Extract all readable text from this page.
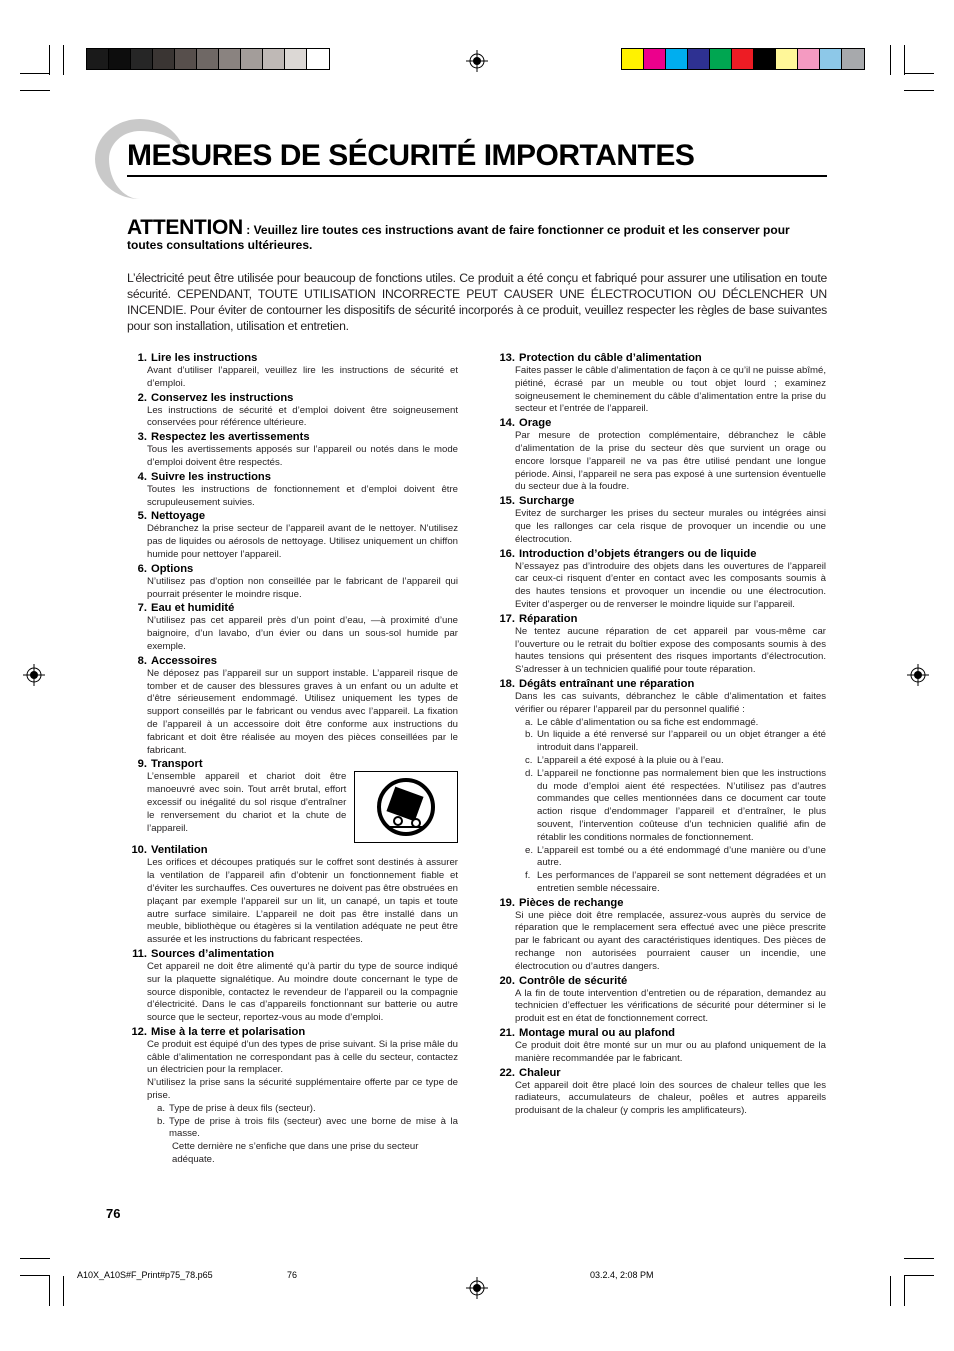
MESURES DE SÉCURITÉ IMPORTANTES
ATTENTION : Veuillez lire toutes ces instructions avant de faire fonctionner ce produit et les conserver pour toutes consultations ultérieures.
L’électricité peut être utilisée pour beaucoup de fonctions utiles. Ce produit a été conçu et fabriqué pour assurer une utilisation en toute sécurité. CEPENDANT, TOUTE UTILISATION INCORRECTE PEUT CAUSER UNE ÉLECTROCUTION OU DÉCLENCHER UN INCENDIE. Pour éviter de contourner les dispositifs de sécurité incorporés à ce produit, veuillez respecter les règles de base suivantes pour son installation, utilisation et entretien.
1. Lire les instructions
Avant d’utiliser l’appareil, veuillez lire les instructions de sécurité et d’emploi.
2. Conservez les instructions
Les instructions de sécurité et d’emploi doivent être soigneusement conservées pour référence ultérieure.
3. Respectez les avertissements
Tous les avertissements apposés sur l’appareil ou notés dans le mode d’emploi doivent être respectés.
4. Suivre les instructions
Toutes les instructions de fonctionnement et d’emploi doivent être scrupuleusement suivies.
5. Nettoyage
Débranchez la prise secteur de l’appareil avant de le nettoyer. N’utilisez pas de liquides ou aérosols de nettoyage. Utilisez uniquement un chiffon humide pour nettoyer l’appareil.
6. Options
N’utilisez pas d’option non conseillée par le fabricant de l’appareil qui pourrait présenter le moindre risque.
7. Eau et humidité
N’utilisez pas cet appareil près d’un point d’eau, —à proximité d’une baignoire, d’un lavabo, d’un évier ou dans un sous-sol humide par exemple.
8. Accessoires
Ne déposez pas l’appareil sur un support instable. L’appareil risque de tomber et de causer des blessures graves à un enfant ou un adulte et d’être sérieusement endommagé. Utilisez uniquement les types de support conseillés par le fabricant ou vendus avec l’appareil. La fixation de l’appareil à un accessoire doit être conforme aux instructions du fabricant et doit être réalisée au moyen des pièces conseillées par le fabricant.
9. Transport
L’ensemble appareil et chariot doit être manoeuvré avec soin. Tout arrêt brutal, effort excessif ou inégalité du sol risque d’entraîner le renversement du chariot et la chute de l’appareil.
10. Ventilation
Les orifices et découpes pratiqués sur le coffret sont destinés à assurer la ventilation de l’appareil afin d’obtenir un fonctionnement fiable et d’éviter les surchauffes. Ces ouvertures ne doivent pas être obstruées en plaçant par exemple l’appareil sur un lit, un canapé, un tapis et toute autre surface similaire. L’appareil ne doit pas être installé dans un meuble, bibliothèque ou étagères si la ventilation adéquate ne peut être assurée et les instructions du fabricant respectées.
11. Sources d’alimentation
Cet appareil ne doit être alimenté qu’à partir du type de source indiqué sur la plaquette signalétique. Au moindre doute concernant le type de source disponible, contactez le revendeur de l’appareil ou la compagnie d’électricité. Dans le cas d’appareils fonctionnant sur batterie ou autre source que le secteur, reportez-vous au mode d’emploi.
12. Mise à la terre et polarisation
Ce produit est équipé d’un des types de prise suivant. Si la prise mâle du câble d’alimentation ne correspondant pas à celle du secteur, contactez un électricien pour la remplacer.
N’utilisez la prise sans la sécurité supplémentaire offerte par ce type de prise.
a. Type de prise à deux fils (secteur).
b. Type de prise à trois fils (secteur) avec une borne de mise à la masse.
Cette dernière ne s’enfiche que dans une prise du secteur adéquate.
13. Protection du câble d’alimentation
Faites passer le câble d’alimentation de façon à ce qu’il ne puisse abîmé, piétiné, écrasé par un meuble ou tout objet lourd ; examinez soigneusement le cheminement du câble d’alimentation entre la prise du secteur et l’entrée de l’appareil.
14. Orage
Par mesure de protection complémentaire, débranchez le câble d’alimentation de la prise du secteur dès que survient un orage ou encore lorsque l’appareil ne va pas être utilisé pendant une longue période. Ainsi, l’appareil ne sera pas exposé à une surtension éventuelle du secteur due à la foudre.
15. Surcharge
Evitez de surcharger les prises du secteur murales ou intégrées ainsi que les rallonges car cela risque de provoquer un incendie ou une électrocution.
16. Introduction d’objets étrangers ou de liquide
N’essayez pas d’introduire des objets dans les ouvertures de l’appareil car ceux-ci risquent d’enter en contact avec les composants soumis à des hautes tensions et provoquer un incendie ou une électrocution. Eviter d’asperger ou de renverser le moindre liquide sur l’appareil.
17. Réparation
Ne tentez aucune réparation de cet appareil par vous-même car l’ouverture ou le retrait du boîtier expose des composants soumis à des hautes tensions qui présentent des risques importants d’électrocution. S’adresser à un technicien qualifié pour toute réparation.
18. Dégâts entraînant une réparation
Dans les cas suivants, débranchez le câble d’alimentation et faites vérifier ou réparer l’appareil par du personnel qualifié :
a. Le câble d’alimentation ou sa fiche est endommagé.
b. Un liquide a été renversé sur l’appareil ou un objet étranger a été introduit dans l’appareil.
c. L’appareil a été exposé à la pluie ou à l’eau.
d. L’appareil ne fonctionne pas normalement bien que les instructions du mode d’emploi aient été respectées. N’utilisez pas d’autres commandes que celles mentionnées dans ce document car toute action risque d’endommager l’appareil et d’entraîner, le plus souvent, l’intervention coûteuse d’un technicien qualifié afin de rétablir les conditions normales de fonctionnement.
e. L’appareil est tombé ou a été endommagé d’une manière ou d’une autre.
f. Les performances de l’appareil se sont nettement dégradées et un entretien semble nécessaire.
19. Pièces de rechange
Si une pièce doit être remplacée, assurez-vous auprès du service de réparation que le remplacement sera effectué avec une pièce prescrite par le fabricant ou ayant des caractéristiques identiques. Des pièces de rechange non autorisées pourraient causer un incendie, une électrocution ou d’autres dangers.
20. Contrôle de sécurité
A la fin de toute intervention d’entretien ou de réparation, demandez au technicien d’effectuer les vérifications de sécurité pour déterminer si le produit est en état de fonctionnement correct.
21. Montage mural ou au plafond
Ce produit doit être monté sur un mur ou au plafond uniquement de la manière recommandée par le fabricant.
22. Chaleur
Cet appareil doit être placé loin des sources de chaleur telles que les radiateurs, accumulateurs de chaleur, poêles et autres appareils produisant de la chaleur (y compris les amplificateurs).
76
A10X_A10S#F_Print#p75_78.p65	76	03.2.4, 2:08 PM
